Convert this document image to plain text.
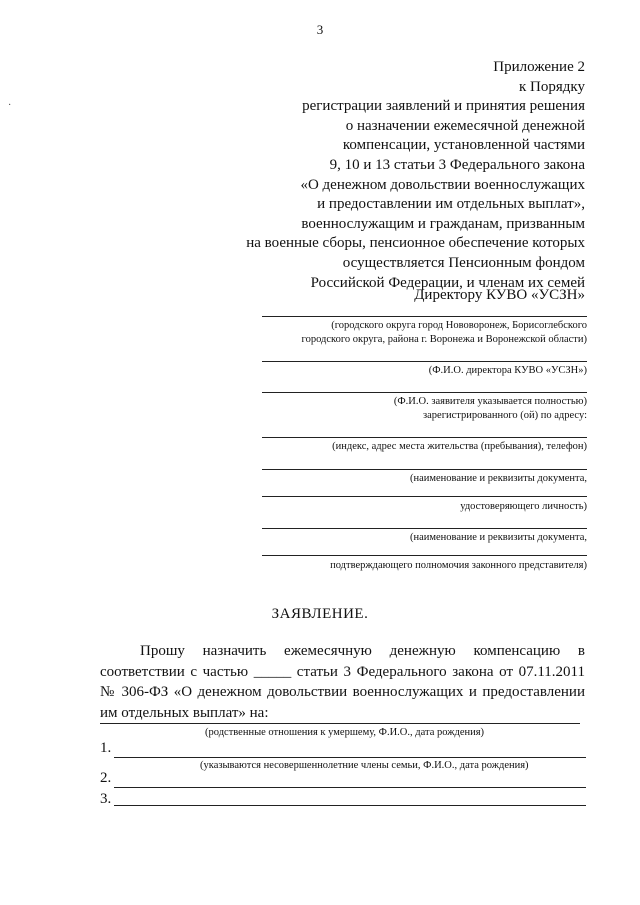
3
·
Приложение 2
к Порядку
регистрации заявлений и принятия решения
о назначении ежемесячной денежной
компенсации, установленной частями
9, 10 и 13 статьи 3 Федерального закона
«О денежном довольствии военнослужащих
и предоставлении им отдельных выплат»,
военнослужащим и гражданам, призванным
на военные сборы, пенсионное обеспечение которых
осуществляется Пенсионным фондом
Российской Федерации, и членам их семей
Директору КУВО «УСЗН»
(городского округа город Нововоронеж, Борисоглебского
городского округа, района г. Воронежа и Воронежской области)
(Ф.И.О. директора КУВО «УСЗН»)
(Ф.И.О. заявителя указывается полностью)
зарегистрированного (ой) по адресу:
(индекс, адрес места жительства (пребывания), телефон)
(наименование и реквизиты документа,
удостоверяющего личность)
(наименование и реквизиты документа,
подтверждающего полномочия законного представителя)
ЗАЯВЛЕНИЕ.
Прошу назначить ежемесячную денежную компенсацию в
соответствии с частью _____ статьи 3 Федерального закона от 07.11.2011
№ 306-ФЗ «О денежном довольствии военнослужащих и предоставлении
им отдельных выплат» на:
(родственные отношения к умершему, Ф.И.О., дата рождения)
1.
(указываются несовершеннолетние члены семьи, Ф.И.О., дата рождения)
2.
3.
